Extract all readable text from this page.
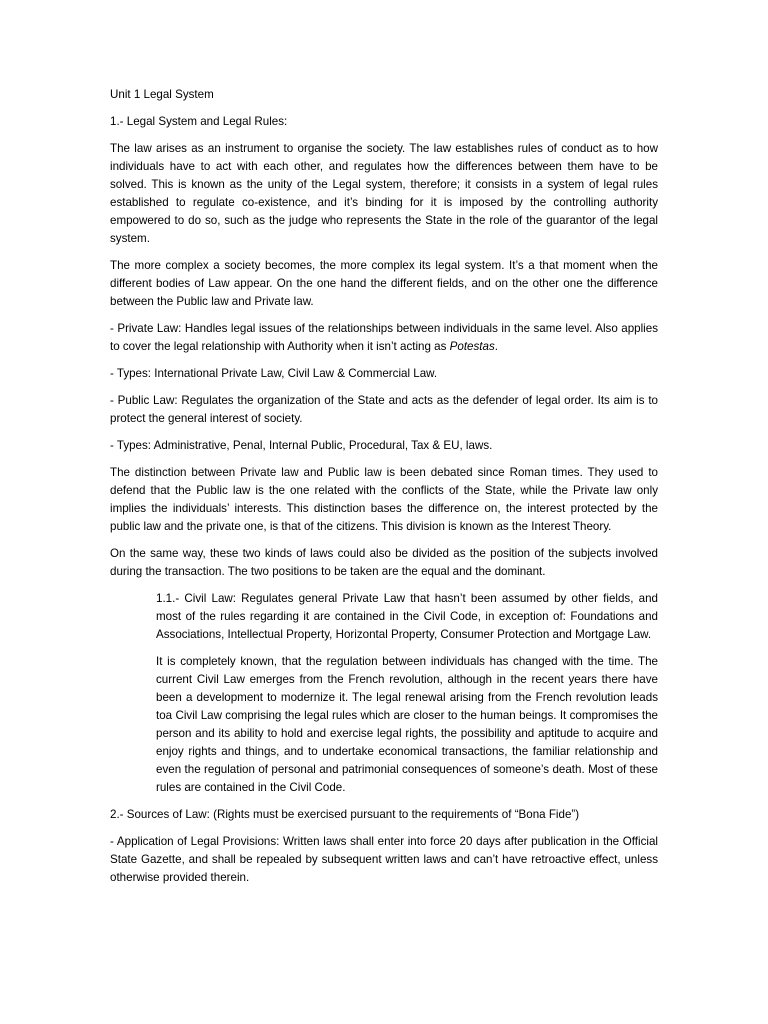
Unit 1 Legal System

1.- Legal System and Legal Rules:

The law arises as an instrument to organise the society. The law establishes rules of conduct as to how individuals have to act with each other, and regulates how the differences between them have to be solved. This is known as the unity of the Legal system, therefore; it consists in a system of legal rules established to regulate co-existence, and it’s binding for it is imposed by the controlling authority empowered to do so, such as the judge who represents the State in the role of the guarantor of the legal system.

The more complex a society becomes, the more complex its legal system. It’s a that moment when the different bodies of Law appear. On the one hand the different fields, and on the other one the difference between the Public law and Private law.

- Private Law: Handles legal issues of the relationships between individuals in the same level. Also applies to cover the legal relationship with Authority when it isn’t acting as Potestas.

- Types: International Private Law, Civil Law & Commercial Law.

- Public Law: Regulates the organization of the State and acts as the defender of legal order. Its aim is to protect the general interest of society.

- Types: Administrative, Penal, Internal Public, Procedural, Tax & EU, laws.

The distinction between Private law and Public law is been debated since Roman times. They used to defend that the Public law is the one related with the conflicts of the State, while the Private law only implies the individuals’ interests. This distinction bases the difference on, the interest protected by the public law and the private one, is that of the citizens. This division is known as the Interest Theory.

On the same way, these two kinds of laws could also be divided as the position of the subjects involved during the transaction. The two positions to be taken are the equal and the dominant.

1.1.- Civil Law: Regulates general Private Law that hasn’t been assumed by other fields, and most of the rules regarding it are contained in the Civil Code, in exception of: Foundations and Associations, Intellectual Property, Horizontal Property, Consumer Protection and Mortgage Law.

It is completely known, that the regulation between individuals has changed with the time. The current Civil Law emerges from the French revolution, although in the recent years there have been a development to modernize it. The legal renewal arising from the French revolution leads toa Civil Law comprising the legal rules which are closer to the human beings. It compromises the person and its ability to hold and exercise legal rights, the possibility and aptitude to acquire and enjoy rights and things, and to undertake economical transactions, the familiar relationship and even the regulation of personal and patrimonial consequences of someone’s death. Most of these rules are contained in the Civil Code.

2.- Sources of Law: (Rights must be exercised pursuant to the requirements of “Bona Fide”)

- Application of Legal Provisions: Written laws shall enter into force 20 days after publication in the Official State Gazette, and shall be repealed by subsequent written laws and can’t have retroactive effect, unless otherwise provided therein.
